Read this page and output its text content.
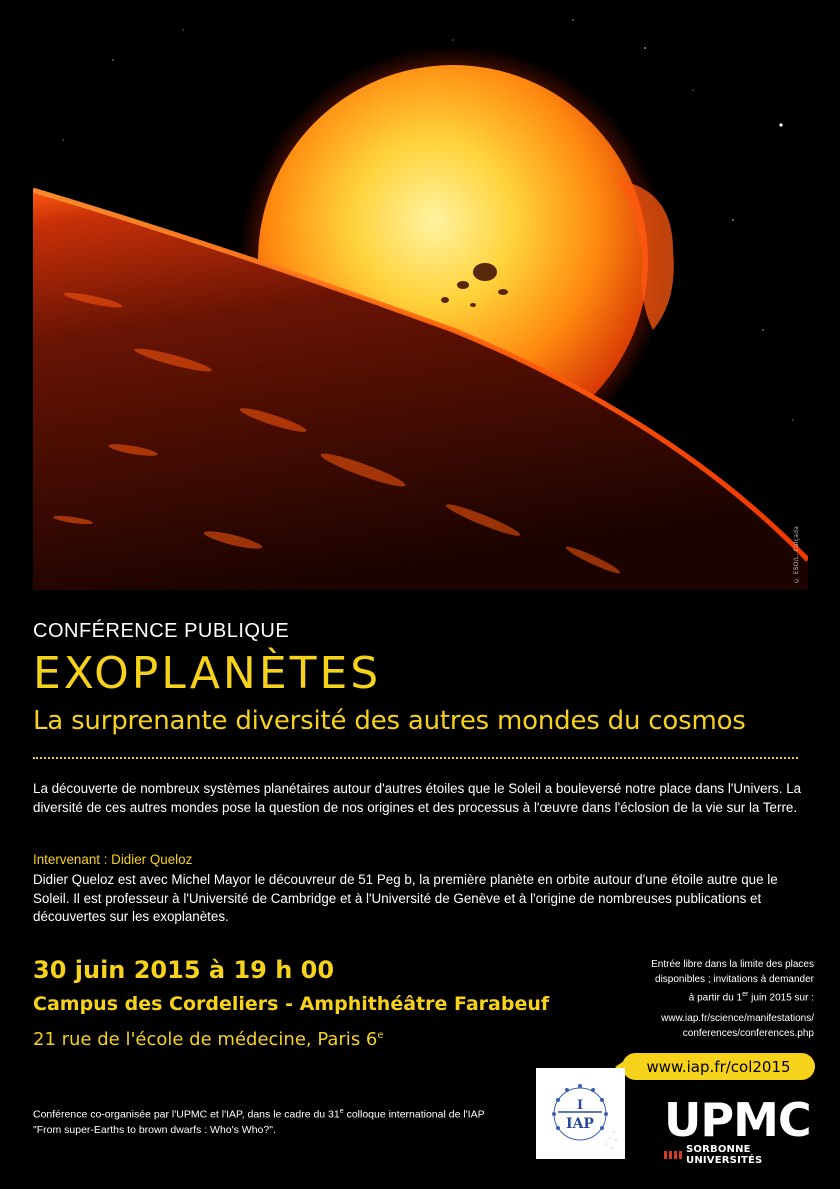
© ESO/L. Calçada
CONFÉRENCE PUBLIQUE
EXOPLANÈTES
La surprenante diversité des autres mondes du cosmos

La découverte de nombreux systèmes planétaires autour d'autres étoiles que le Soleil a bouleversé notre place dans l'Univers. La diversité de ces autres mondes pose la question de nos origines et des processus à l'œuvre dans l'éclosion de la vie sur la Terre.

Intervenant : Didier Queloz

Didier Queloz est avec Michel Mayor le découvreur de 51 Peg b, la première planète en orbite autour d'une étoile autre que le Soleil. Il est professeur à l'Université de Cambridge et à l'Université de Genève et à l'origine de nombreuses publications et découvertes sur les exoplanètes.

30 juin 2015 à 19 h 00
Campus des Cordeliers - Amphithéâtre Farabeuf
21 rue de l'école de médecine, Paris 6e
Entrée libre dans la limite des places
disponibles ; invitations à demander
à partir du 1er juin 2015 sur :
www.iap.fr/science/manifestations/
conferences/conferences.php
www.iap.fr/col2015

Conférence co-organisée par l'UPMC et l'IAP, dans le cadre du 31e colloque international de l'IAP "From super-Earths to brown dwarfs : Who's Who?".

I
IAP UPMC
SORBONNE UNIVERSITÉS
